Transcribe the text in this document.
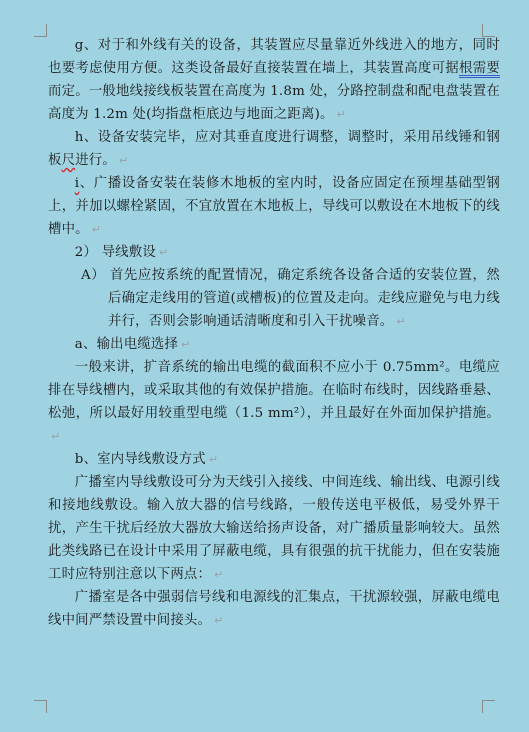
g、对于和外线有关的设备，其装置应尽量靠近外线进入的地方，同时也要考虑使用方便。这类设备最好直接装置在墙上，其装置高度可据根需要而定。一般地线接线板装置在高度为 1.8m 处，分路控制盘和配电盘装置在高度为 1.2m 处(均指盘柜底边与地面之距离)。 ↵

h、设备安装完毕，应对其垂直度进行调整，调整时，采用吊线锤和钢板尺进行。 ↵

i、广播设备安装在装修木地板的室内时，设备应固定在预埋基础型钢上，并加以螺栓紧固，不宜放置在木地板上，导线可以敷设在木地板下的线槽中。 ↵

2） 导线敷设 ↵

A） 首先应按系统的配置情况，确定系统各设备合适的安装位置，然后确定走线用的管道(或槽板)的位置及走向。走线应避免与电力线并行，否则会影响通话清晰度和引入干扰噪音。 ↵

a、输出电缆选择 ↵

一般来讲，扩音系统的输出电缆的截面积不应小于 0.75mm²。电缆应排在导线槽内，或采取其他的有效保护措施。在临时布线时，因线路垂悬、松弛，所以最好用较重型电缆（1.5 mm²），并且最好在外面加保护措施。↵

b、室内导线敷设方式 ↵

广播室内导线敷设可分为天线引入接线、中间连线、输出线、电源引线和接地线敷设。输入放大器的信号线路，一般传送电平极低，易受外界干扰，产生干扰后经放大器放大输送给扬声设备，对广播质量影响较大。虽然此类线路已在设计中采用了屏蔽电缆，具有很强的抗干扰能力，但在安装施工时应特别注意以下两点： ↵

广播室是各中强弱信号线和电源线的汇集点，干扰源较强，屏蔽电缆电线中间严禁设置中间接头。 ↵
